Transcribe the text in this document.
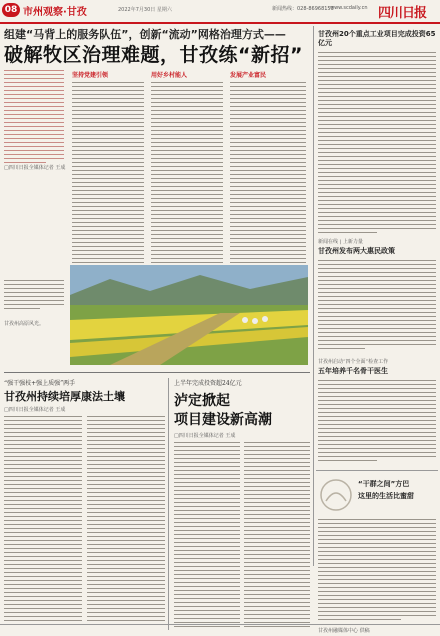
08 市州观察·甘孜	2022年7月30日 星期六	新闻热线：028-86968153
www.scdaily.cn 四川日报
组建“马背上的服务队伍”，创新“流动”网格治理方式——
破解牧区治理难题，甘孜练“新招”
□四川日报全媒体记者 王成
坚持党建引领	用好乡村能人	发展产业富民
甘孜州高原风光。
甘孜州20个重点工业项目完成投资65亿元
新闻在线 | 上新力量
甘孜州发布两大惠民政策
甘孜州启动“四个全面”检查工作
五年培养千名骨干医生
“干群之间”方巴
这里的生活比蜜甜
“强干强枝+强上质强”两手
甘孜州持续培厚康法土壤
□四川日报全媒体记者 王成
上半年完成投资超24亿元
泸定掀起
项目建设新高潮
□四川日报全媒体记者 王成
甘孜州融媒体中心 供稿
